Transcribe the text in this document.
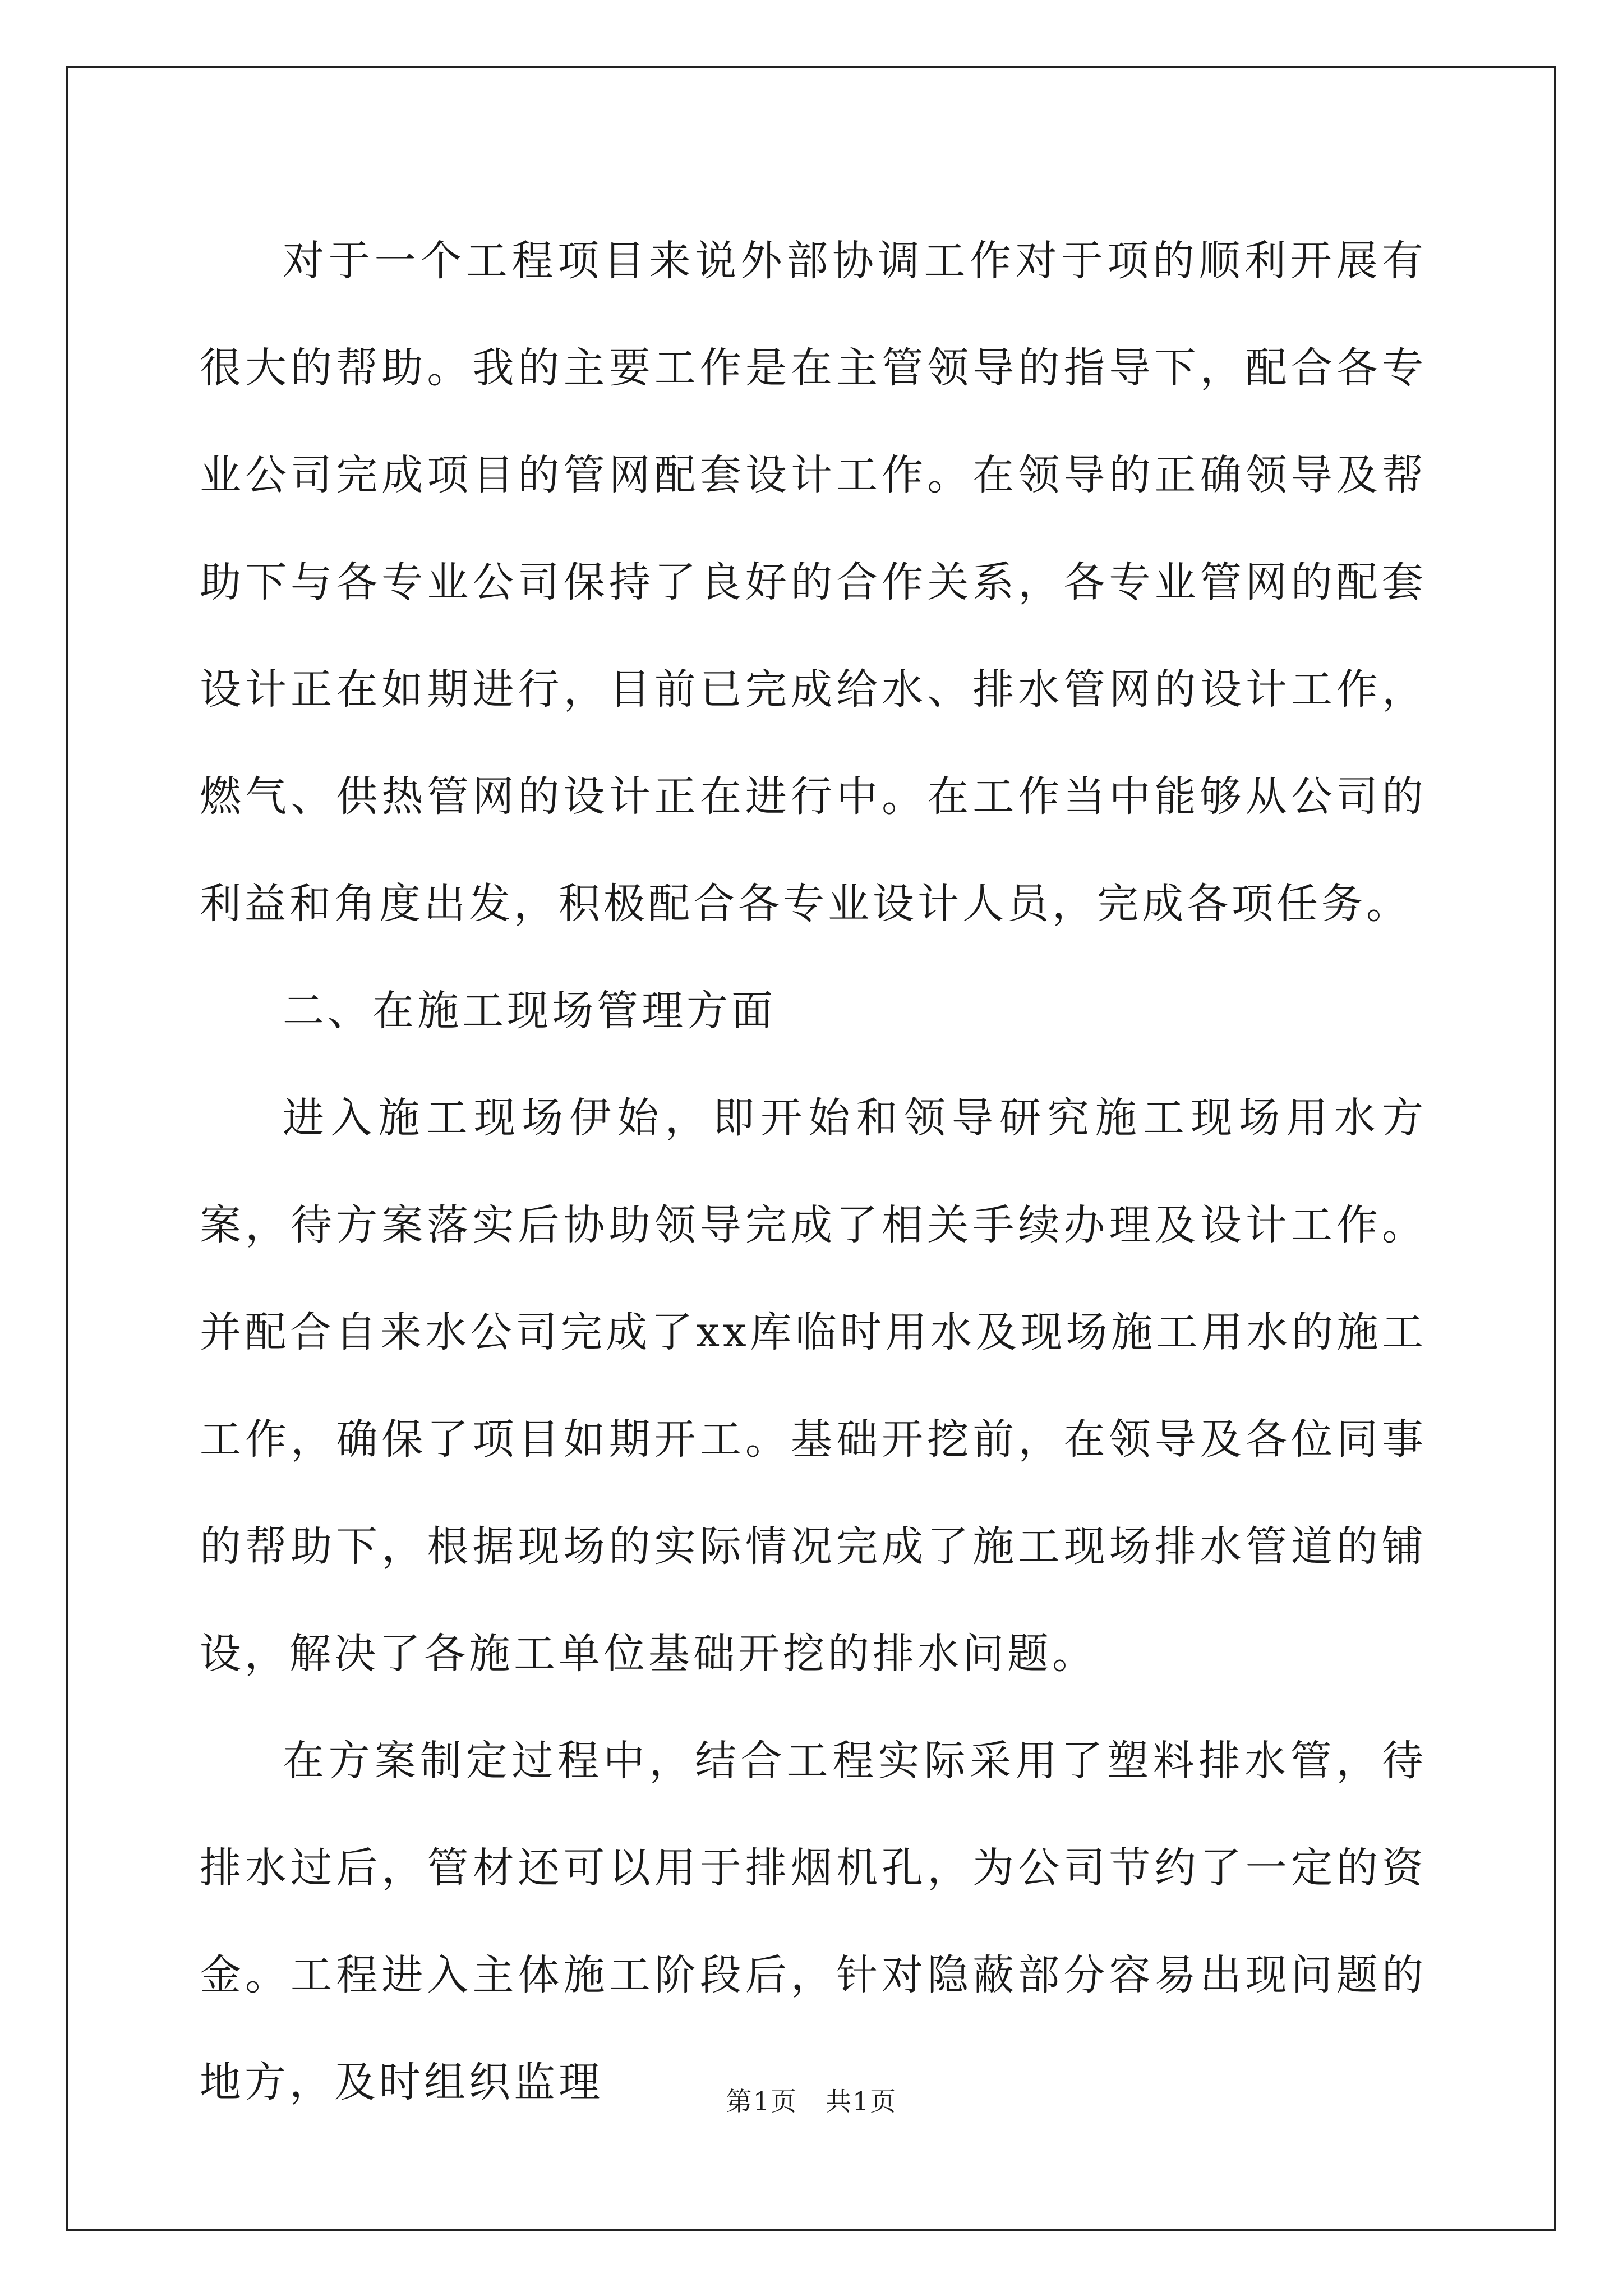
对于一个工程项目来说外部协调工作对于项的顺利开展有很大的帮助。我的主要工作是在主管领导的指导下，配合各专业公司完成项目的管网配套设计工作。在领导的正确领导及帮助下与各专业公司保持了良好的合作关系，各专业管网的配套设计正在如期进行，目前已完成给水、排水管网的设计工作，燃气、供热管网的设计正在进行中。在工作当中能够从公司的利益和角度出发，积极配合各专业设计人员，完成各项任务。

二、在施工现场管理方面

进入施工现场伊始，即开始和领导研究施工现场用水方案，待方案落实后协助领导完成了相关手续办理及设计工作。并配合自来水公司完成了xx库临时用水及现场施工用水的施工工作，确保了项目如期开工。基础开挖前，在领导及各位同事的帮助下，根据现场的实际情况完成了施工现场排水管道的铺设，解决了各施工单位基础开挖的排水问题。

在方案制定过程中，结合工程实际采用了塑料排水管，待排水过后，管材还可以用于排烟机孔，为公司节约了一定的资金。工程进入主体施工阶段后，针对隐蔽部分容易出现问题的地方，及时组织监理	第1页 共1页
